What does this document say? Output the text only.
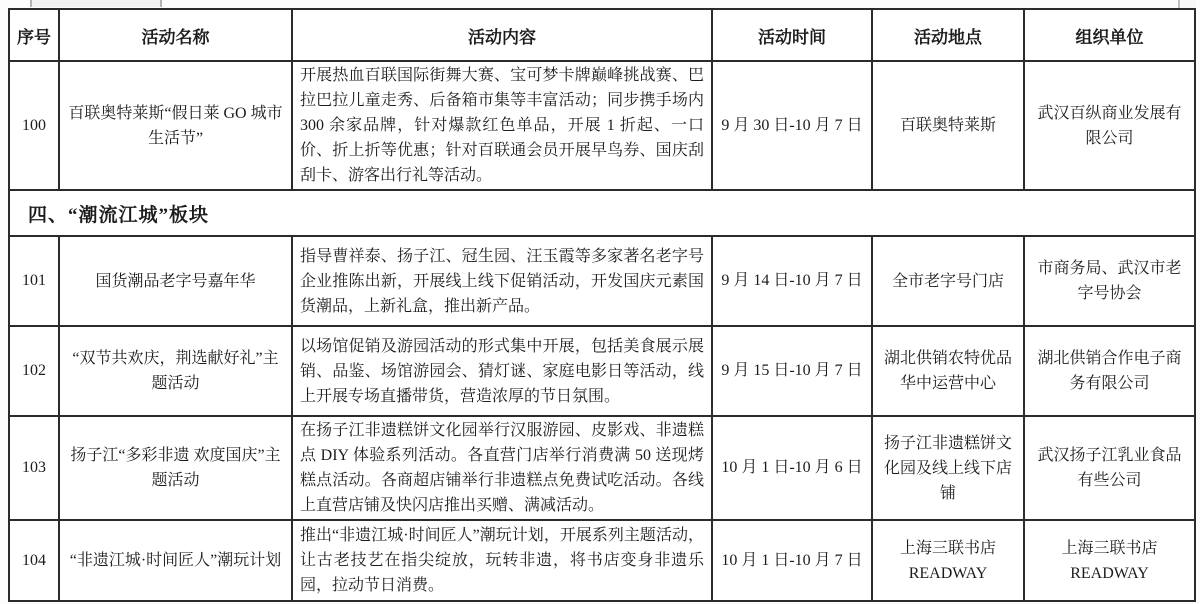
序号	活动名称	活动内容	活动时间	活动地点	组织单位
100	百联奥特莱斯“假日莱 GO 城市生活节”	开展热血百联国际街舞大赛、宝可梦卡牌巅峰挑战赛、巴拉巴拉儿童走秀、后备箱市集等丰富活动；同步携手场内 300 余家品牌，针对爆款红色单品，开展 1 折起、一口价、折上折等优惠；针对百联通会员开展早鸟券、国庆刮刮卡、游客出行礼等活动。	9 月 30 日-10 月 7 日	百联奥特莱斯	武汉百纵商业发展有限公司
四、“潮流江城”板块					
101	国货潮品老字号嘉年华	指导曹祥泰、扬子江、冠生园、汪玉霞等多家著名老字号企业推陈出新，开展线上线下促销活动，开发国庆元素国货潮品，上新礼盒，推出新产品。	9 月 14 日-10 月 7 日	全市老字号门店	市商务局、武汉市老字号协会
102	“双节共欢庆，荆选献好礼”主题活动	以场馆促销及游园活动的形式集中开展，包括美食展示展销、品鉴、场馆游园会、猜灯谜、家庭电影日等活动，线上开展专场直播带货，营造浓厚的节日氛围。	9 月 15 日-10 月 7 日	湖北供销农特优品华中运营中心	湖北供销合作电子商务有限公司
103	扬子江“多彩非遗 欢度国庆”主题活动	在扬子江非遗糕饼文化园举行汉服游园、皮影戏、非遗糕点 DIY 体验系列活动。各直营门店举行消费满 50 送现烤糕点活动。各商超店铺举行非遗糕点免费试吃活动。各线上直营店铺及快闪店推出买赠、满减活动。	10 月 1 日-10 月 6 日	扬子江非遗糕饼文化园及线上线下店铺	武汉扬子江乳业食品有些公司
104	“非遗江城·时间匠人”潮玩计划	推出“非遗江城·时间匠人”潮玩计划，开展系列主题活动，让古老技艺在指尖绽放，玩转非遗，将书店变身非遗乐园，拉动节日消费。	10 月 1 日-10 月 7 日	上海三联书店 READWAY	上海三联书店 READWAY
